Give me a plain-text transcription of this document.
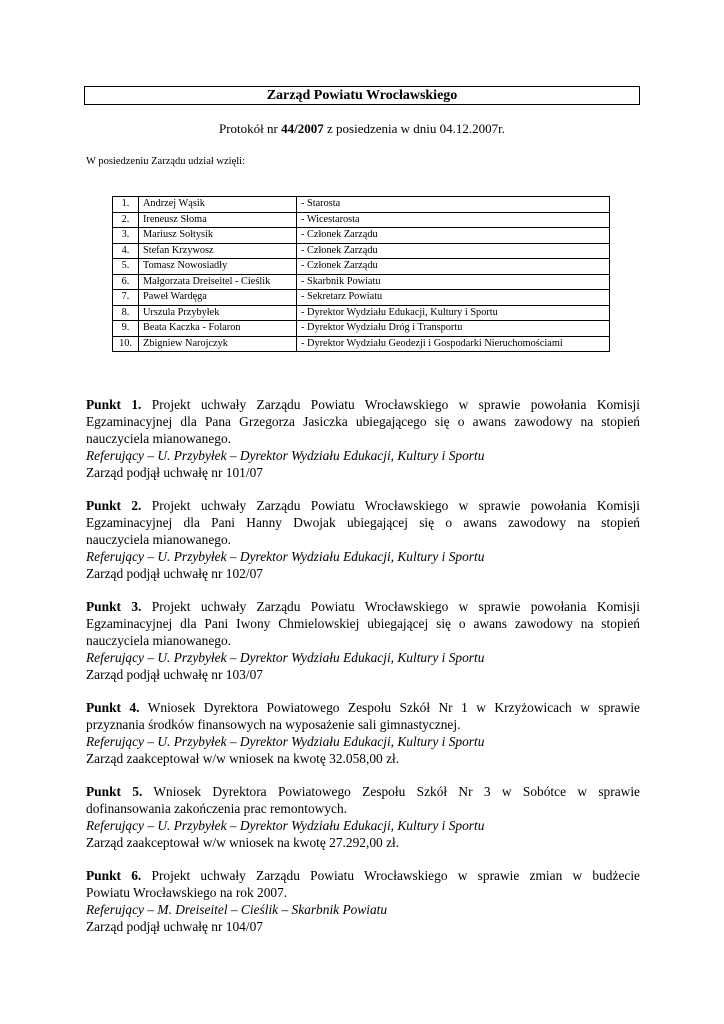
Zarząd Powiatu Wrocławskiego
Protokół nr 44/2007 z posiedzenia w dniu 04.12.2007r.
W posiedzeniu Zarządu udział wzięli:
1.	Andrzej Wąsik	- Starosta
2.	Ireneusz Słoma	- Wicestarosta
3.	Mariusz Sołtysik	- Członek Zarządu
4.	Stefan Krzywosz	- Członek Zarządu
5.	Tomasz Nowosiadły	- Członek Zarządu
6.	Małgorzata Dreiseitel - Cieślik	- Skarbnik Powiatu
7.	Paweł Wardęga	- Sekretarz Powiatu
8.	Urszula Przybyłek	- Dyrektor Wydziału Edukacji, Kultury i Sportu
9.	Beata Kaczka - Folaron	- Dyrektor Wydziału Dróg i Transportu
10.	Zbigniew Narojczyk	- Dyrektor Wydziału Geodezji i Gospodarki Nieruchomościami
Punkt 1. Projekt uchwały Zarządu Powiatu Wrocławskiego w sprawie powołania Komisji
Egzaminacyjnej dla Pana Grzegorza Jasiczka ubiegającego się o awans zawodowy na stopień
nauczyciela mianowanego.
Referujący – U. Przybyłek – Dyrektor Wydziału Edukacji, Kultury i Sportu
Zarząd podjął uchwałę nr 101/07
Punkt 2. Projekt uchwały Zarządu Powiatu Wrocławskiego w sprawie powołania Komisji
Egzaminacyjnej dla Pani Hanny Dwojak ubiegającej się o awans zawodowy na stopień
nauczyciela mianowanego.
Referujący – U. Przybyłek – Dyrektor Wydziału Edukacji, Kultury i Sportu
Zarząd podjął uchwałę nr 102/07
Punkt 3. Projekt uchwały Zarządu Powiatu Wrocławskiego w sprawie powołania Komisji
Egzaminacyjnej dla Pani Iwony Chmielowskiej ubiegającej się o awans zawodowy na stopień
nauczyciela mianowanego.
Referujący – U. Przybyłek – Dyrektor Wydziału Edukacji, Kultury i Sportu
Zarząd podjął uchwałę nr 103/07
Punkt 4. Wniosek Dyrektora Powiatowego Zespołu Szkół Nr 1 w Krzyżowicach w sprawie
przyznania środków finansowych na wyposażenie sali gimnastycznej.
Referujący – U. Przybyłek – Dyrektor Wydziału Edukacji, Kultury i Sportu
Zarząd zaakceptował w/w wniosek na kwotę 32.058,00 zł.
Punkt 5. Wniosek Dyrektora Powiatowego Zespołu Szkół Nr 3 w Sobótce w sprawie
dofinansowania zakończenia prac remontowych.
Referujący – U. Przybyłek – Dyrektor Wydziału Edukacji, Kultury i Sportu
Zarząd zaakceptował w/w wniosek na kwotę 27.292,00 zł.
Punkt 6. Projekt uchwały Zarządu Powiatu Wrocławskiego w sprawie zmian w budżecie
Powiatu Wrocławskiego na rok 2007.
Referujący – M. Dreiseitel – Cieślik – Skarbnik Powiatu
Zarząd podjął uchwałę nr 104/07
